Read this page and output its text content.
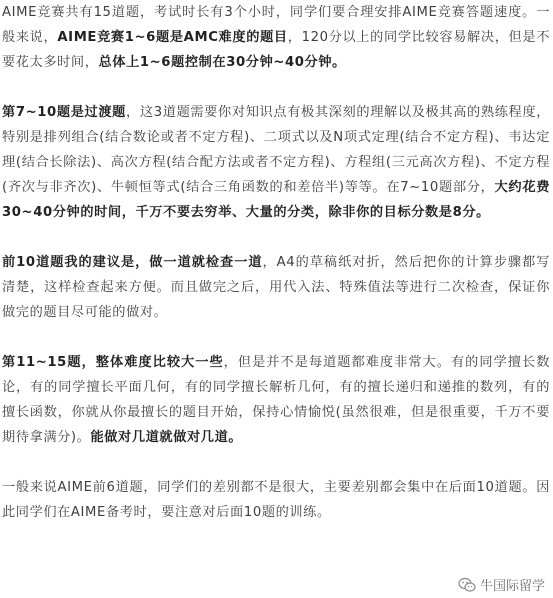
AIME竞赛共有15道题，考试时长有3个小时，同学们要合理安排AIME竞赛答题速度。一般来说，AIME竞赛1~6题是AMC难度的题目，120分以上的同学比较容易解决，但是不要花太多时间，总体上1~6题控制在30分钟~40分钟。

第7~10题是过渡题，这3道题需要你对知识点有极其深刻的理解以及极其高的熟练程度，特别是排列组合(结合数论或者不定方程)、二项式以及N项式定理(结合不定方程)、韦达定理(结合长除法)、高次方程(结合配方法或者不定方程)、方程组(三元高次方程)、不定方程(齐次与非齐次)、牛顿恒等式(结合三角函数的和差倍半)等等。在7~10题部分，大约花费30~40分钟的时间，千万不要去穷举、大量的分类，除非你的目标分数是8分。

前10道题我的建议是，做一道就检查一道，A4的草稿纸对折，然后把你的计算步骤都写清楚，这样检查起来方便。而且做完之后，用代入法、特殊值法等进行二次检查，保证你做完的题目尽可能的做对。

第11~15题，整体难度比较大一些，但是并不是每道题都难度非常大。有的同学擅长数论，有的同学擅长平面几何，有的同学擅长解析几何，有的擅长递归和递推的数列，有的擅长函数，你就从你最擅长的题目开始，保持心情愉悦(虽然很难，但是很重要，千万不要期待拿满分)。能做对几道就做对几道。

一般来说AIME前6道题，同学们的差别都不是很大，主要差别都会集中在后面10道题。因此同学们在AIME备考时，要注意对后面10题的训练。

牛国际留学
